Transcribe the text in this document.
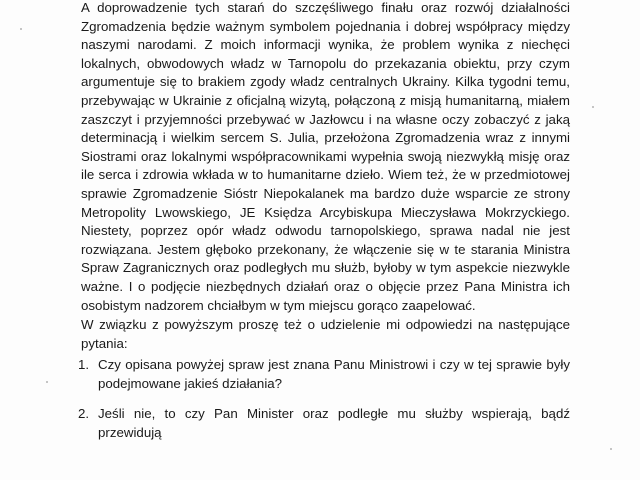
A doprowadzenie tych starań do szczęśliwego finału oraz rozwój działalności Zgromadzenia będzie ważnym symbolem pojednania i dobrej współpracy między naszymi narodami. Z moich informacji wynika, że problem wynika z niechęci lokalnych, obwodowych władz w Tarnopolu do przekazania obiektu, przy czym argumentuje się to brakiem zgody władz centralnych Ukrainy. Kilka tygodni temu, przebywając w Ukrainie z oficjalną wizytą, połączoną z misją humanitarną, miałem zaszczyt i przyjemności przebywać w Jazłowcu i na własne oczy zobaczyć z jaką determinacją i wielkim sercem S. Julia, przełożona Zgromadzenia wraz z innymi Siostrami oraz lokalnymi współpracownikami wypełnia swoją niezwykłą misję oraz ile serca i zdrowia wkłada w to humanitarne dzieło. Wiem też, że w przedmiotowej sprawie Zgromadzenie Sióstr Niepokalanek ma bardzo duże wsparcie ze strony Metropolity Lwowskiego, JE Księdza Arcybiskupa Mieczysława Mokrzyckiego. Niestety, poprzez opór władz odwodu tarnopolskiego, sprawa nadal nie jest rozwiązana. Jestem głęboko przekonany, że włączenie się w te starania Ministra Spraw Zagranicznych oraz podległych mu służb, byłoby w tym aspekcie niezwykle ważne. I o podjęcie niezbędnych działań oraz o objęcie przez Pana Ministra ich osobistym nadzorem chciałbym w tym miejscu gorąco zaapelować.

W związku z powyższym proszę też o udzielenie mi odpowiedzi na następujące pytania:

1. Czy opisana powyżej spraw jest znana Panu Ministrowi i czy w tej sprawie były podejmowane jakieś działania?
2. Jeśli nie, to czy Pan Minister oraz podległe mu służby wspierają, bądź przewidują
